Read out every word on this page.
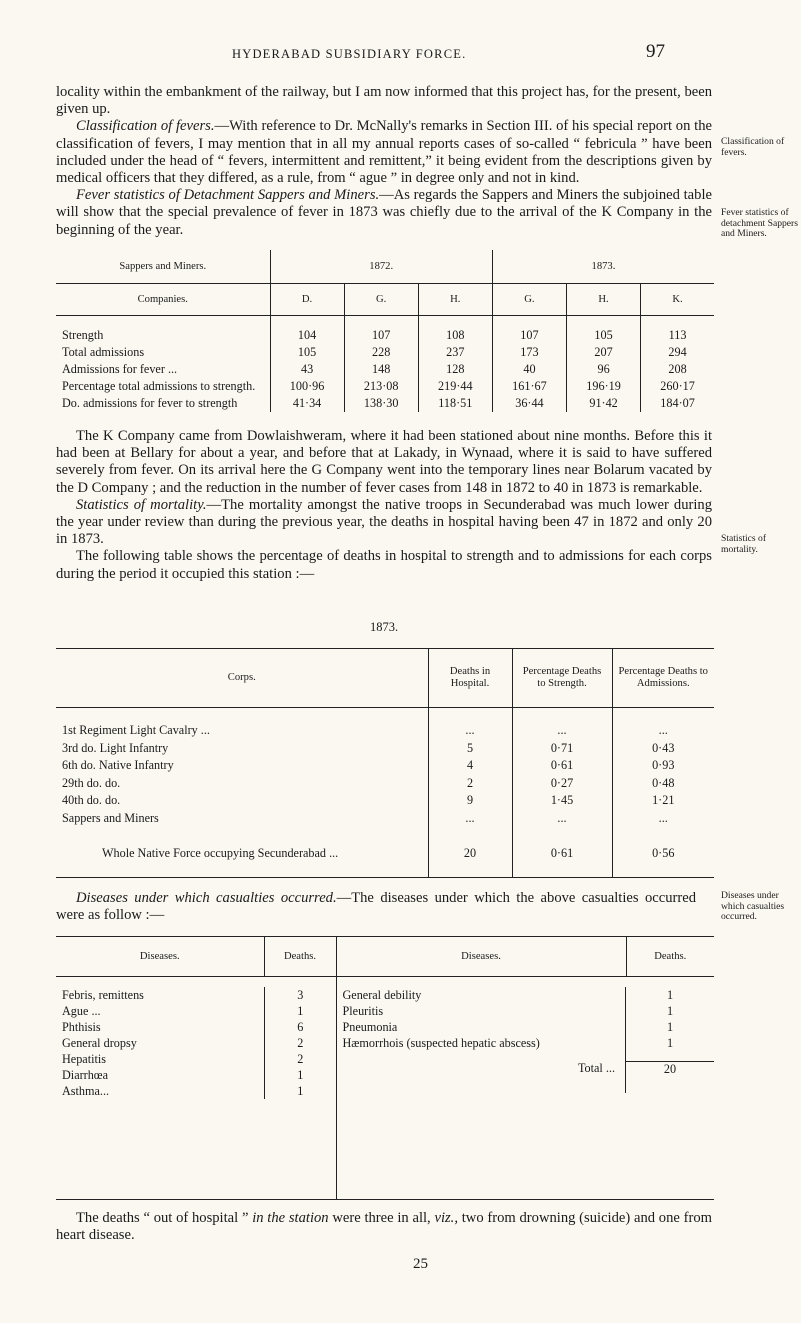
HYDERABAD SUBSIDIARY FORCE.	97

locality within the embankment of the railway, but I am now informed that this project has, for the present, been given up.

Classification of fevers.—With reference to Dr. McNally's remarks in Section III. of his special report on the classification of fevers, I may mention that in all my annual reports cases of so-called “ febricula ” have been included under the head of “ fevers, intermittent and remittent,” it being evident from the descriptions given by medical officers that they differed, as a rule, from “ ague ” in degree only and not in kind.

Fever statistics of Detachment Sappers and Miners.—As regards the Sappers and Miners the subjoined table will show that the special prevalence of fever in 1873 was chiefly due to the arrival of the K Company in the beginning of the year.

Classification of fevers.
Fever statistics of detachment Sappers and Miners.
Sappers and Miners.	1872.			1873.		
Companies.	D.	G.	H.	G.	H.	K.
Strength	104	107	108	107	105	113
Total admissions	105	228	237	173	207	294
Admissions for fever ...	43	148	128	40	96	208
Percentage total admissions to strength.	100·96	213·08	219·44	161·67	196·19	260·17
Do. admissions for fever to strength	41·34	138·30	118·51	36·44	91·42	184·07

The K Company came from Dowlaishweram, where it had been stationed about nine months. Before this it had been at Bellary for about a year, and before that at Lakady, in Wynaad, where it is said to have suffered severely from fever. On its arrival here the G Company went into the temporary lines near Bolarum vacated by the D Company ; and the reduction in the number of fever cases from 148 in 1872 to 40 in 1873 is remarkable.

Statistics of mortality.—The mortality amongst the native troops in Secunderabad was much lower during the year under review than during the previous year, the deaths in hospital having been 47 in 1872 and only 20 in 1873.

The following table shows the percentage of deaths in hospital to strength and to admissions for each corps during the period it occupied this station :—

Statistics of mortality.
1873.
Corps.	Deaths in Hospital.	Percentage Deaths to Strength.	Percentage Deaths to Admissions.
1st Regiment Light Cavalry ...	...	...	...
3rd do. Light Infantry	5	0·71	0·43
6th do. Native Infantry	4	0·61	0·93
29th do. do.	2	0·27	0·48
40th do. do.	9	1·45	1·21
Sappers and Miners	...	...	...
Whole Native Force occupying Secunderabad ...	20	0·61	0·56

Diseases under which casualties occurred.—The diseases under which the above casualties occurred were as follow :—

Diseases under which casualties occurred.
Diseases.	Deaths.	Diseases.	Deaths.

Febris, remittens	3
Ague ...	1
Phthisis	6
General dropsy	2
Hepatitis	2
Diarrhœa	1
Asthma...	1

General debility	1
Pleuritis	1
Pneumonia	1
Hæmorrhois (suspected hepatic abscess)	1

Total ...	20

The deaths “ out of hospital ” in the station were three in all, viz., two from drowning (suicide) and one from heart disease.

25
